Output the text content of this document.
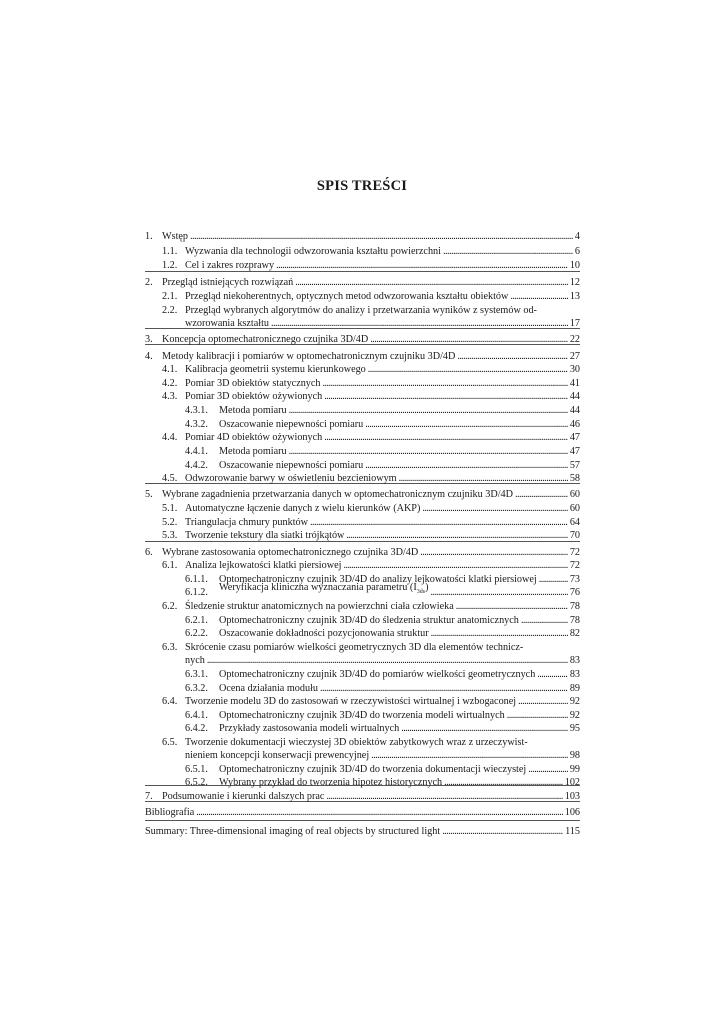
SPIS TREŚCI
1. Wstęp . . .	4
1.1. Wyzwania dla technologii odwzorowania kształtu powierzchni . . .	6
1.2. Cel i zakres rozprawy . . .	10
2. Przegląd istniejących rozwiązań . . .	12
2.1. Przegląd niekoherentnych, optycznych metod odwzorowania kształtu obiektów . . .	13
2.2. Przegląd wybranych algorytmów do analizy i przetwarzania wyników z systemów od-
wzorowania kształtu . . .	17
3. Koncepcja optomechatronicznego czujnika 3D/4D . . .	22
4. Metody kalibracji i pomiarów w optomechatronicznym czujniku 3D/4D . . .	27
4.1. Kalibracja geometrii systemu kierunkowego . . .	30
4.2. Pomiar 3D obiektów statycznych . . .	41
4.3. Pomiar 3D obiektów ożywionych . . .	44
4.3.1. Metoda pomiaru . . .	44
4.3.2. Oszacowanie niepewności pomiaru . . .	46
4.4. Pomiar 4D obiektów ożywionych . . .	47
4.4.1. Metoda pomiaru . . .	47
4.4.2. Oszacowanie niepewności pomiaru . . .	57
4.5. Odwzorowanie barwy w oświetleniu bezcieniowym . . .	58
5. Wybrane zagadnienia przetwarzania danych w optomechatronicznym czujniku 3D/4D . . .	60
5.1. Automatyczne łączenie danych z wielu kierunków (AKP) . . .	60
5.2. Triangulacja chmury punktów . . .	64
5.3. Tworzenie tekstury dla siatki trójkątów . . .	70
6. Wybrane zastosowania optomechatronicznego czujnika 3D/4D . . .	72
6.1. Analiza lejkowatości klatki piersiowej . . .	72
6.1.1. Optomechatroniczny czujnik 3D/4D do analizy lejkowatości klatki piersiowej . . .	73
6.1.2. Weryfikacja kliniczna wyznaczania parametru $(I_{3ds})$ . . .	76
6.2. Śledzenie struktur anatomicznych na powierzchni ciała człowieka . . .	78
6.2.1. Optomechatroniczny czujnik 3D/4D do śledzenia struktur anatomicznych . . .	78
6.2.2. Oszacowanie dokładności pozycjonowania struktur . . .	82
6.3. Skrócenie czasu pomiarów wielkości geometrycznych 3D dla elementów technicz-
nych . . .	83
6.3.1. Optomechatroniczny czujnik 3D/4D do pomiarów wielkości geometrycznych . . .	83
6.3.2. Ocena działania modułu . . .	89
6.4. Tworzenie modelu 3D do zastosowań w rzeczywistości wirtualnej i wzbogaconej . . .	92
6.4.1. Optomechatroniczny czujnik 3D/4D do tworzenia modeli wirtualnych . . .	92
6.4.2. Przykłady zastosowania modeli wirtualnych . . .	95
6.5. Tworzenie dokumentacji wieczystej 3D obiektów zabytkowych wraz z urzeczywist-
nieniem koncepcji konserwacji prewencyjnej . . .	98
6.5.1. Optomechatroniczny czujnik 3D/4D do tworzenia dokumentacji wieczystej . . .	99
6.5.2. Wybrany przykład do tworzenia hipotez historycznych . . .	102
7. Podsumowanie i kierunki dalszych prac . . .	103
Bibliografia . . .	106
Summary: Three-dimensional imaging of real objects by structured light . . .	115
